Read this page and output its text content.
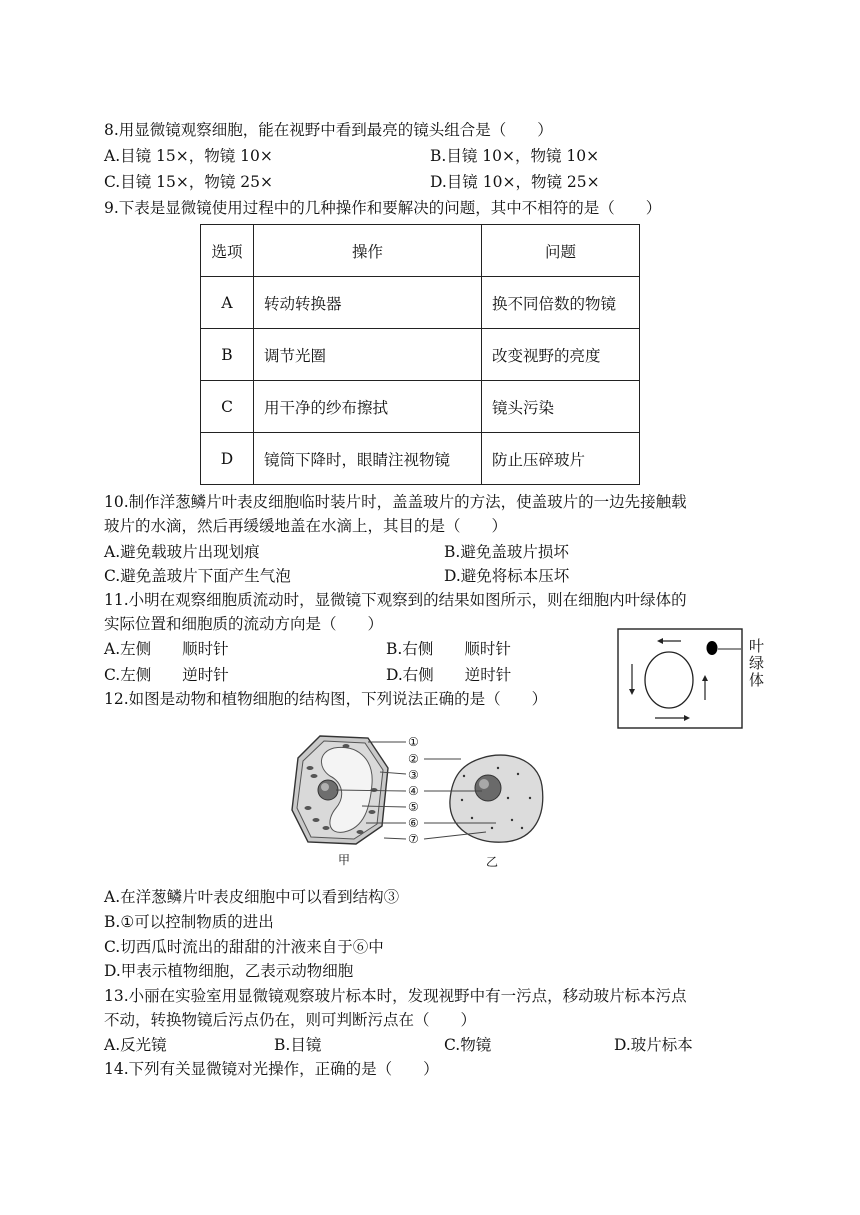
8.用显微镜观察细胞，能在视野中看到最亮的镜头组合是（　　）
A.目镜 15×，物镜 10×	B.目镜 10×，物镜 10×
C.目镜 15×，物镜 25×	D.目镜 10×，物镜 25×
9.下表是显微镜使用过程中的几种操作和要解决的问题，其中不相符的是（　　）
选项	操作	问题
A	转动转换器	换不同倍数的物镜
B	调节光圈	改变视野的亮度
C	用干净的纱布擦拭	镜头污染
D	镜筒下降时，眼睛注视物镜	防止压碎玻片
10.制作洋葱鳞片叶表皮细胞临时装片时，盖盖玻片的方法，使盖玻片的一边先接触载
玻片的水滴，然后再缓缓地盖在水滴上，其目的是（　　）
A.避免载玻片出现划痕	B.避免盖玻片损坏
C.避免盖玻片下面产生气泡	D.避免将标本压坏
11.小明在观察细胞质流动时，显微镜下观察到的结果如图所示，则在细胞内叶绿体的
实际位置和细胞质的流动方向是（　　）
A.左侧　　顺时针	B.右侧　　顺时针
C.左侧　　逆时针	D.右侧　　逆时针
叶绿体
12.如图是动物和植物细胞的结构图，下列说法正确的是（　　）
①
②
③
④
⑤
⑥
⑦
甲	乙
A.在洋葱鳞片叶表皮细胞中可以看到结构③
B.①可以控制物质的进出
C.切西瓜时流出的甜甜的汁液来自于⑥中
D.甲表示植物细胞，乙表示动物细胞
13.小丽在实验室用显微镜观察玻片标本时，发现视野中有一污点，移动玻片标本污点
不动，转换物镜后污点仍在，则可判断污点在（　　）
A.反光镜	B.目镜	C.物镜	D.玻片标本
14.下列有关显微镜对光操作，正确的是（　　）
